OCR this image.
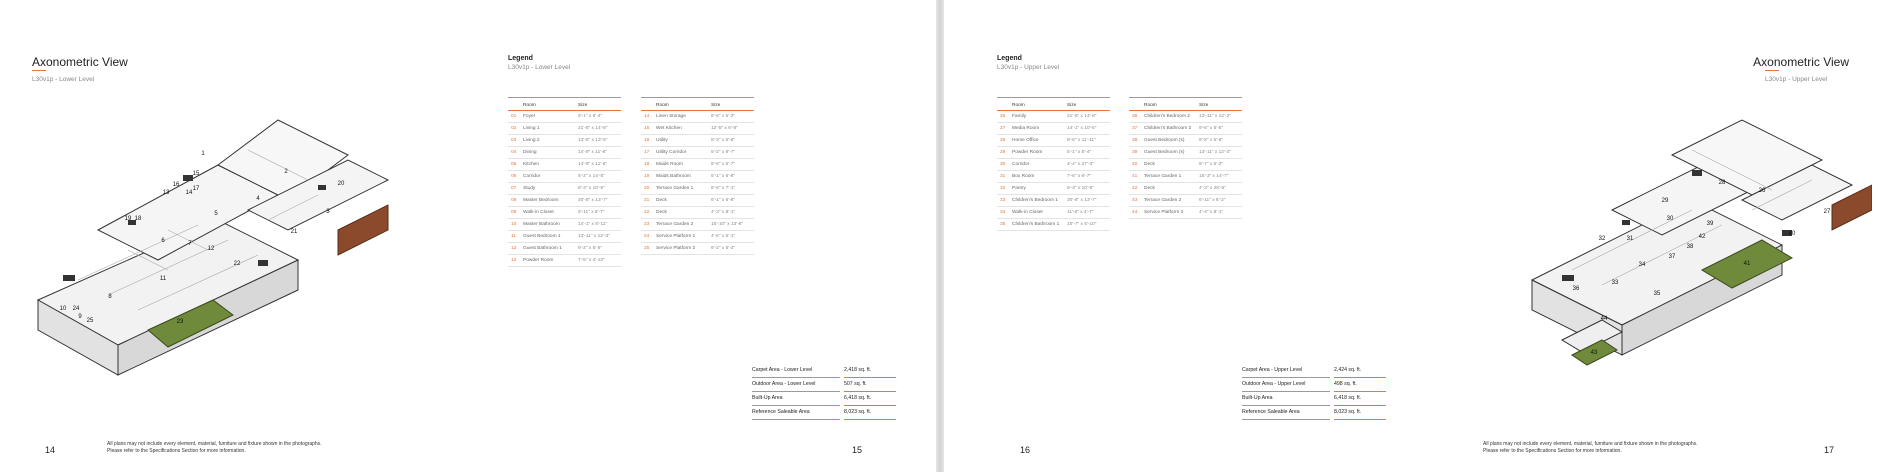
Axonometric View
L30v1p - Lower Level
1
2
3
4
5
6	7
8
9
10
11
12
13	14
15
16
17
18
19
20
21
22
23
24
25
Legend
L30v1p - Lower Level
	Room	Size
01	Foyer	9'-1" x 5'-4"
02	Living 1	21'-5" x 14'-8"
03	Living 2	13'-5" x 13'-5"
04	Dining	14'-9" x 11'-6"
05	Kitchen	14'-9" x 11'-6"
06	Corridor	5'-2" x 14'-5"
07	Study	8'-3" x 10'-5"
08	Master Bedroom	20'-8" x 13'-7"
09	Walk-in Closet	9'-11" x 8'-7"
10	Master Bathroom	14'-1" x 8'-11"
11	Guest Bedroom 1	13'-11" x 12'-3"
12	Guest Bathroom 1	9'-2" x 5'-5"
13	Powder Room	7'-5" x 4'-10"
	Room	Size
14	Linen Storage	6'-6" x 5'-3"
15	Wet Kitchen	12'-5" x 6'-8"
16	Utility	8'-3" x 6'-8"
17	Utility Corridor	5'-2" x 8'-7"
18	Maids Room	8'-6" x 6'-7"
19	Maids Bathroom	5'-1" x 6'-8"
20	Terrace Garden 1	6'-6" x 7'-1"
21	Deck	6'-1" x 6'-8"
22	Deck	4'-3" x 8'-1"
23	Terrace Garden 2	15'-10" x 13'-6"
24	Service Platform 1	4'-6" x 6'-1"
25	Service Platform 2	6'-2" x 5'-3"
Carpet Area - Lower Level	2,418 sq. ft.
Outdoor Area - Lower Level	507 sq. ft.
Built-Up Area	6,418 sq. ft.
Reference Saleable Area	8,023 sq. ft.
14
All plans may not include every element, material, furniture and fixture shown in the photographs.
Please refer to the Specifications Section for more information.	15
Legend
L30v1p - Upper Level
	Room	Size
26	Family	21'-5" x 14'-8"
27	Media Room	14'-1" x 10'-5"
28	Home Office	8'-6" x 11'-11"
29	Powder Room	5'-1" x 5'-4"
30	Corridor	4'-4" x 27'-3"
31	Box Room	7'-6" x 6'-7"
32	Pantry	6'-3" x 10'-9"
33	Children's Bedroom 1	20'-8" x 13'-7"
34	Walk-in Closet	11'-6" x 4'-7"
35	Children's Bathroom 1	10'-7" x 6'-10"
	Room	Size
36	Children's Bedroom 2	13'-11" x 12'-3"
37	Children's Bathroom 2	9'-6" x 5'-5"
38	Guest Bedroom (s)	9'-8" x 5'-6"
39	Guest Bedroom (s)	13'-11" x 12'-3"
40	Deck	9'-7" x 6'-3"
41	Terrace Garden 1	15'-3" x 14'-7"
42	Deck	4'-3" x 28'-5"
43	Terrace Garden 2	6'-11" x 6'-2"
44	Service Platform 3	4'-4" x 8'-1"
26
27
28
29
30
31
32
33
34
35
36
37
38
39
40
41
42
43
44
Axonometric View
L30v1p - Upper Level
Carpet Area - Upper Level	2,424 sq. ft.
Outdoor Area - Upper Level	498 sq. ft.
Built-Up Area	6,418 sq. ft.
Reference Saleable Area	8,023 sq. ft.
16
All plans may not include every element, material, furniture and fixture shown in the photographs.
Please refer to the Specifications Section for more information.	17
